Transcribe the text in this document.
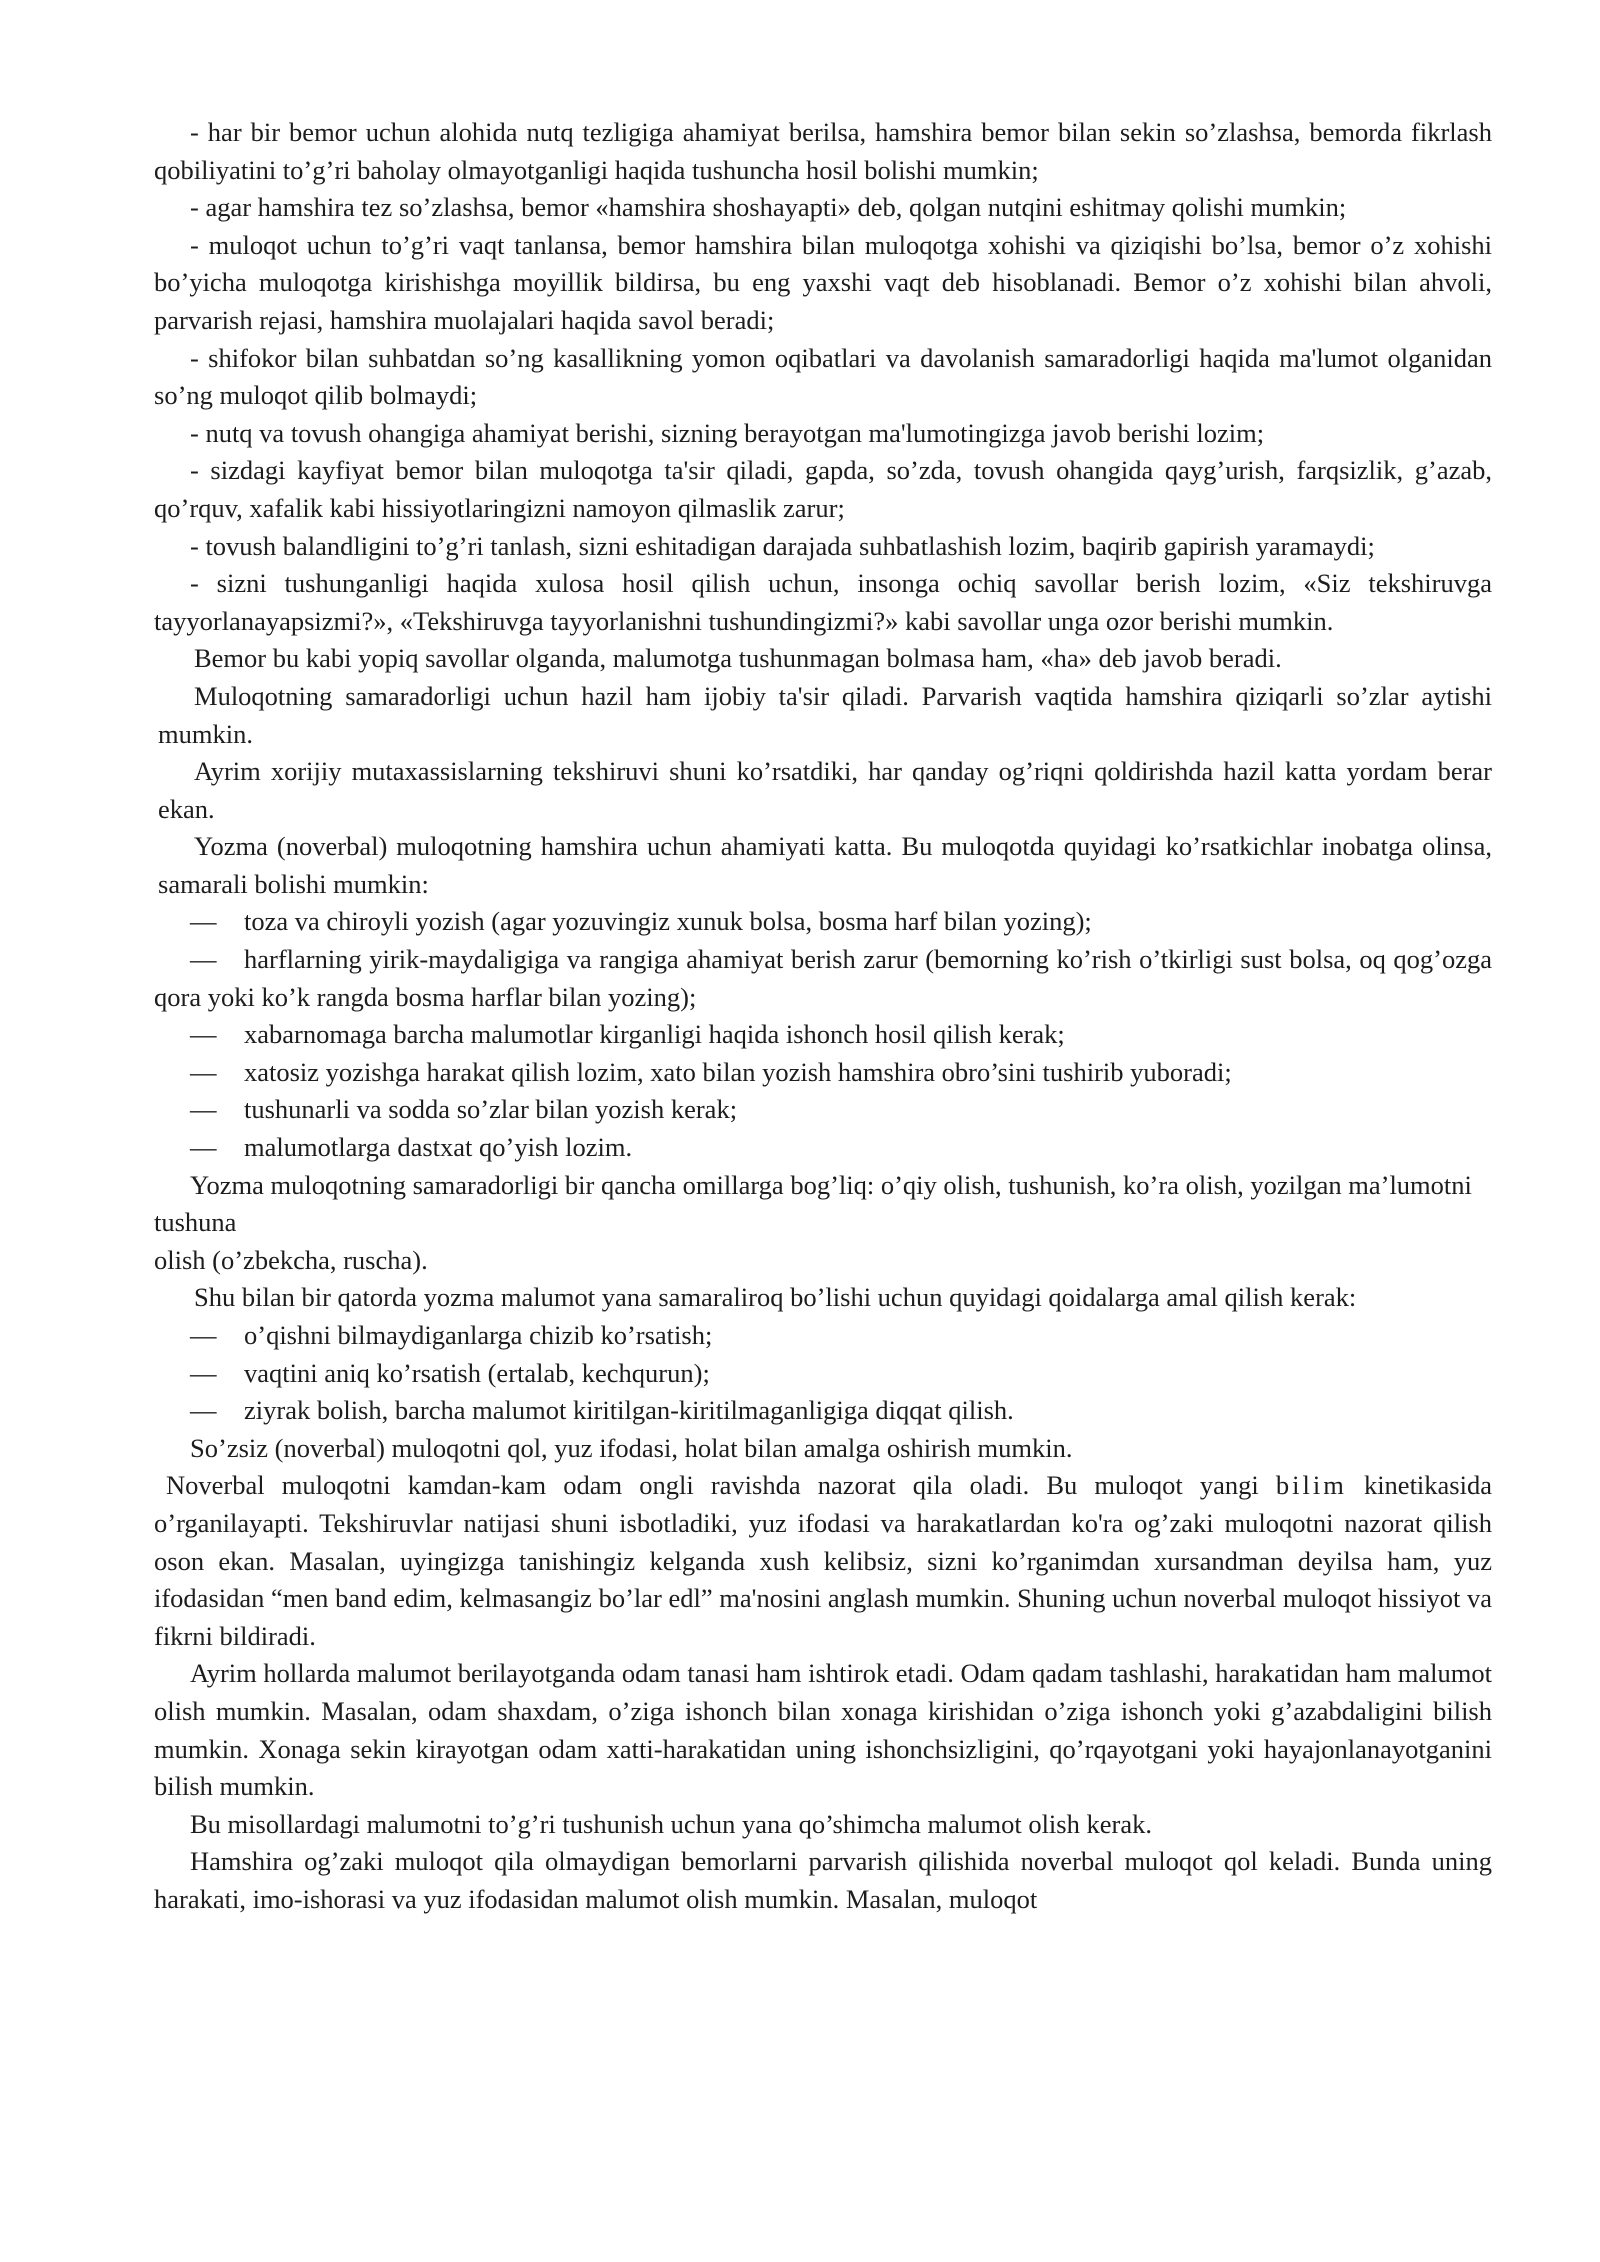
- har bir bemor uchun alohida nutq tezligiga ahamiyat berilsa, hamshira bemor bilan sekin so’zlashsa, bemorda fikrlash qobiliyatini to’g’ri baholay olmayotganligi haqida tushuncha hosil bolishi mumkin;

- agar hamshira tez so’zlashsa, bemor «hamshira shoshayapti» deb, qolgan nutqini eshitmay qolishi mumkin;

- muloqot uchun to’g’ri vaqt tanlansa, bemor hamshira bilan muloqotga xohishi va qiziqishi bo’lsa, bemor o’z xohishi bo’yicha muloqotga kirishishga moyillik bildirsa, bu eng yaxshi vaqt deb hisoblanadi. Bemor o’z xohishi bilan ahvoli, parvarish rejasi, hamshira muolajalari haqida savol beradi;

- shifokor bilan suhbatdan so’ng kasallikning yomon oqibatlari va davolanish samaradorligi haqida ma'lumot olganidan so’ng muloqot qilib bolmaydi;

- nutq va tovush ohangiga ahamiyat berishi, sizning berayotgan ma'lumotingizga javob berishi lozim;

- sizdagi kayfiyat bemor bilan muloqotga ta'sir qiladi, gapda, so’zda, tovush ohangida qayg’urish, farqsizlik, g’azab, qo’rquv, xafalik kabi hissiyotlaringizni namoyon qilmaslik zarur;

- tovush balandligini to’g’ri tanlash, sizni eshitadigan darajada suhbatlashish lozim, baqirib gapirish yaramaydi;

- sizni tushunganligi haqida xulosa hosil qilish uchun, insonga ochiq savollar berish lozim, «Siz tekshiruvga tayyorlanayapsizmi?», «Tekshiruvga tayyorlanishni tushundingizmi?» kabi savollar unga ozor berishi mumkin.

Bemor bu kabi yopiq savollar olganda, malumotga tushunmagan bolmasa ham, «ha» deb javob beradi.

Muloqotning samaradorligi uchun hazil ham ijobiy ta'sir qiladi. Parvarish vaqtida hamshira qiziqarli so’zlar aytishi mumkin.

Ayrim xorijiy mutaxassislarning tekshiruvi shuni ko’rsatdiki, har qanday og’riqni qoldirishda hazil katta yordam berar ekan.

Yozma (noverbal) muloqotning hamshira uchun ahamiyati katta. Bu muloqotda quyidagi ko’rsatkichlar inobatga olinsa, samarali bolishi mumkin:

— toza va chiroyli yozish (agar yozuvingiz xunuk bolsa, bosma harf bilan yozing);

— harflarning yirik-maydaligiga va rangiga ahamiyat berish zarur (bemorning ko’rish o’tkirligi sust bolsa, oq qog’ozga qora yoki ko’k rangda bosma harflar bilan yozing);

— xabarnomaga barcha malumotlar kirganligi haqida ishonch hosil qilish kerak;

— xatosiz yozishga harakat qilish lozim, xato bilan yozish hamshira obro’sini tushirib yuboradi;

— tushunarli va sodda so’zlar bilan yozish kerak;

— malumotlarga dastxat qo’yish lozim.

Yozma muloqotning samaradorligi bir qancha omillarga bog’liq: o’qiy olish, tushunish, ko’ra olish, yozilgan ma’lumotni tushuna

olish (o’zbekcha, ruscha).

Shu bilan bir qatorda yozma malumot yana samaraliroq bo’lishi uchun quyidagi qoidalarga amal qilish kerak:

— o’qishni bilmaydiganlarga chizib ko’rsatish;

— vaqtini aniq ko’rsatish (ertalab, kechqurun);

— ziyrak bolish, barcha malumot kiritilgan-kiritilmaganligiga diqqat qilish.

So’zsiz (noverbal) muloqotni qol, yuz ifodasi, holat bilan amalga oshirish mumkin.

Noverbal muloqotni kamdan-kam odam ongli ravishda nazorat qila oladi. Bu muloqot yangi bilim kinetikasida o’rganilayapti. Tekshiruvlar natijasi shuni isbotladiki, yuz ifodasi va harakatlardan ko'ra og’zaki muloqotni nazorat qilish oson ekan. Masalan, uyingizga tanishingiz kelganda xush kelibsiz, sizni ko’rganimdan xursandman deyilsa ham, yuz ifodasidan “men band edim, kelmasangiz bo’lar edl” ma'nosini anglash mumkin. Shuning uchun noverbal muloqot hissiyot va fikrni bildiradi.

Ayrim hollarda malumot berilayotganda odam tanasi ham ishtirok etadi. Odam qadam tashlashi, harakatidan ham malumot olish mumkin. Masalan, odam shaxdam, o’ziga ishonch bilan xonaga kirishidan o’ziga ishonch yoki g’azabdaligini bilish mumkin. Xonaga sekin kirayotgan odam xatti-harakatidan uning ishonchsizligini, qo’rqayotgani yoki hayajonlanayotganini bilish mumkin.

Bu misollardagi malumotni to’g’ri tushunish uchun yana qo’shimcha malumot olish kerak.

Hamshira og’zaki muloqot qila olmaydigan bemorlarni parvarish qilishida noverbal muloqot qol keladi. Bunda uning harakati, imo-ishorasi va yuz ifodasidan malumot olish mumkin. Masalan, muloqot
